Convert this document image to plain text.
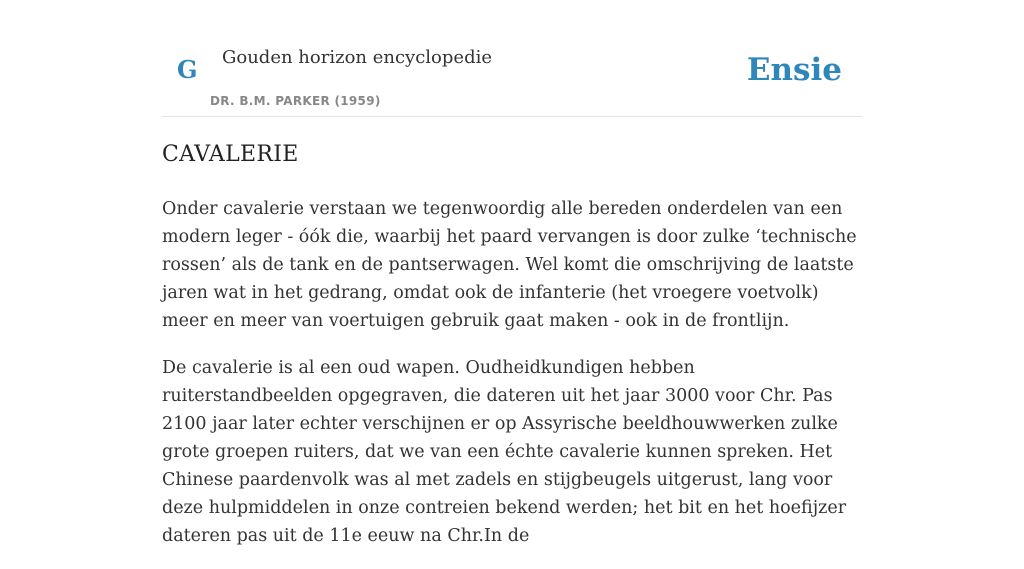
G Gouden horizon encyclopedie
DR. B.M. PARKER (1959)
Ensie
CAVALERIE

Onder cavalerie verstaan we tegenwoordig alle bereden onderdelen van een modern leger - óók die, waarbij het paard vervangen is door zulke ‘technische rossen’ als de tank en de pantserwagen. Wel komt die omschrijving de laatste jaren wat in het gedrang, omdat ook de infanterie (het vroegere voetvolk) meer en meer van voertuigen gebruik gaat maken - ook in de frontlijn.

De cavalerie is al een oud wapen. Oudheidkundigen hebben ruiterstandbeelden opgegraven, die dateren uit het jaar 3000 voor Chr. Pas 2100 jaar later echter verschijnen er op Assyrische beeldhouwwerken zulke grote groepen ruiters, dat we van een échte cavalerie kunnen spreken. Het Chinese paardenvolk was al met zadels en stijgbeugels uitgerust, lang voor deze hulpmiddelen in onze contreien bekend werden; het bit en het hoefijzer dateren pas uit de 11e eeuw na Chr.In de
